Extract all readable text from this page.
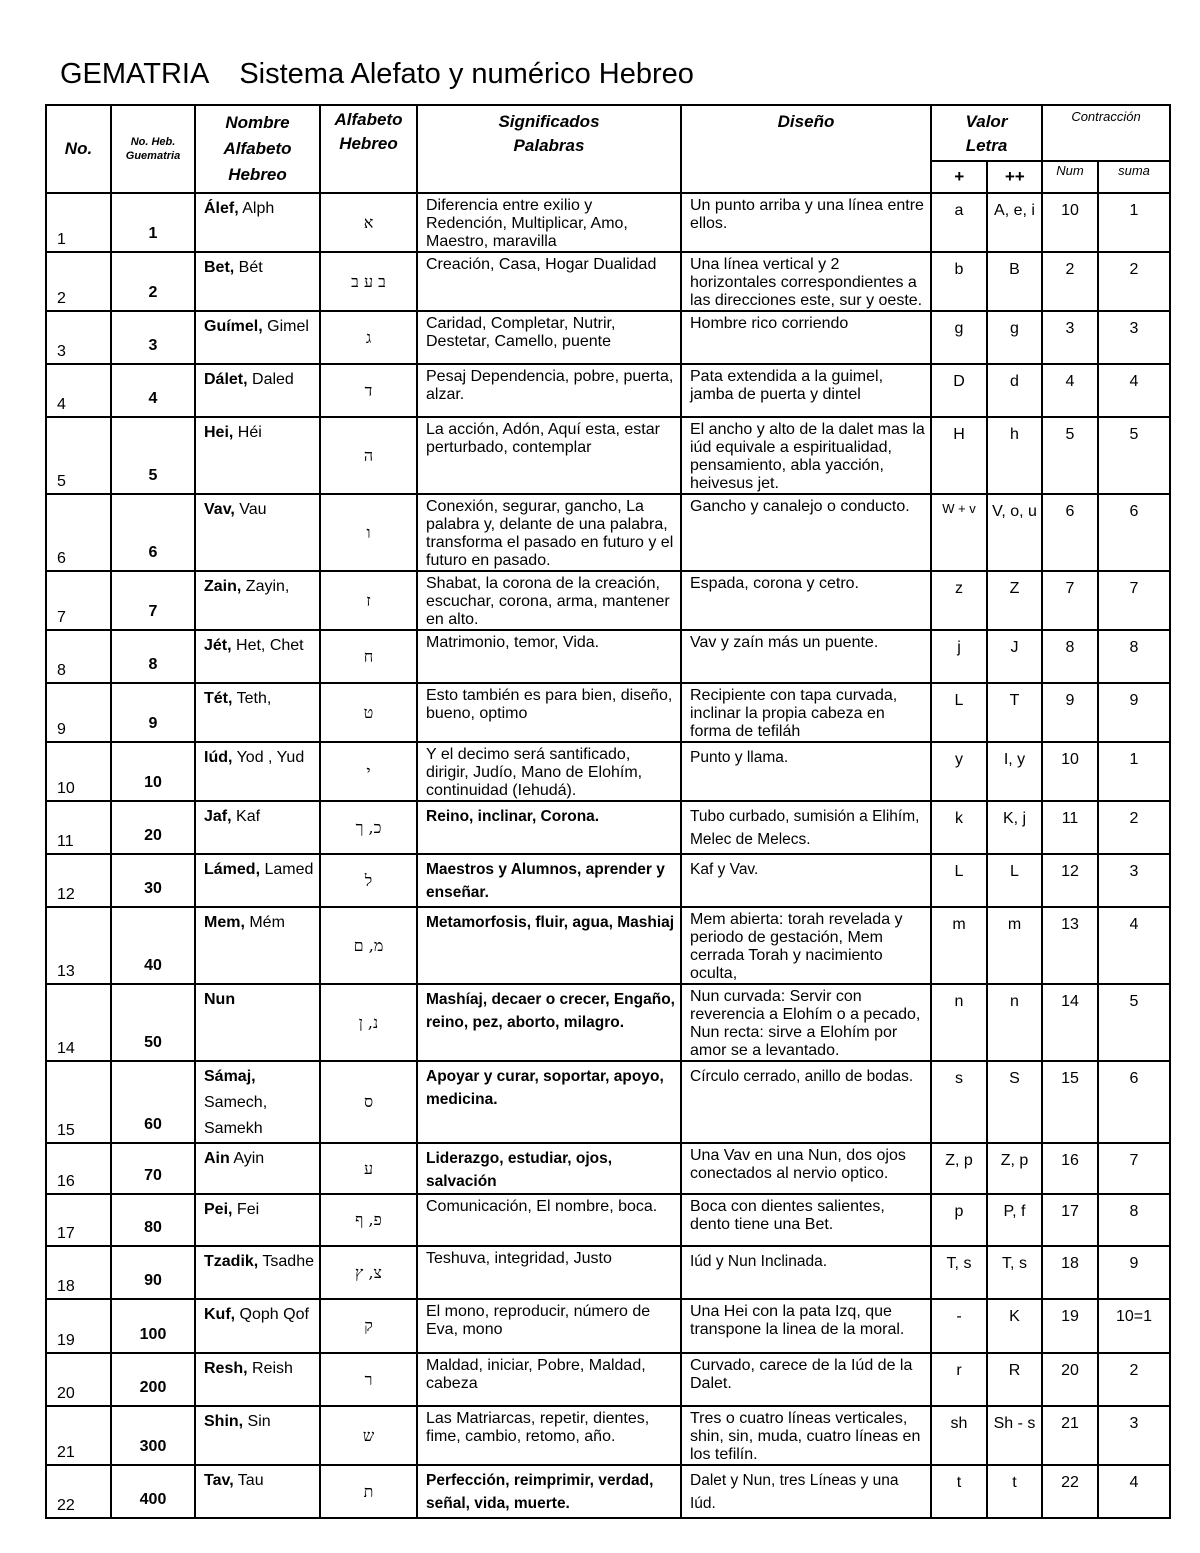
GEMATRIA Sistema Alefato y numérico Hebreo
No.	No. Heb. Guematria	Nombre Alfabeto Hebreo	Alfabeto Hebreo	Significados Palabras	Diseño	Valor Letra		Contracción	
						+	++	Num	suma
1	1	Álef, Alph	א	Diferencia entre exilio y Redención, Multiplicar, Amo, Maestro, maravilla	Un punto arriba y una línea entre ellos.	a	A, e, i	10	1
2	2	Bet, Bét	ב ע ב	Creación, Casa, Hogar Dualidad	Una línea vertical y 2 horizontales correspondientes a las direcciones este, sur y oeste.	b	B	2	2
3	3	Guímel, Gimel	ג	Caridad, Completar, Nutrir, Destetar, Camello, puente	Hombre rico corriendo	g	g	3	3
4	4	Dálet, Daled	ד	Pesaj Dependencia, pobre, puerta, alzar.	Pata extendida a la guimel, jamba de puerta y dintel	D	d	4	4
5	5	Hei, Héi	ה	La acción, Adón, Aquí esta, estar perturbado, contemplar	El ancho y alto de la dalet mas la iúd equivale a espiritualidad, pensamiento, abla yacción, heivesus jet.	H	h	5	5
6	6	Vav, Vau	ו	Conexión, segurar, gancho, La palabra y, delante de una palabra, transforma el pasado en futuro y el futuro en pasado.	Gancho y canalejo o conducto.	W + v	V, o, u	6	6
7	7	Zain, Zayin,	ז	Shabat, la corona de la creación, escuchar, corona, arma, mantener en alto.	Espada, corona y cetro.	z	Z	7	7
8	8	Jét, Het, Chet	ח	Matrimonio, temor, Vida.	Vav y zaín más un puente.	j	J	8	8
9	9	Tét, Teth,	ט	Esto también es para bien, diseño, bueno, optimo	Recipiente con tapa curvada, inclinar la propia cabeza en forma de tefiláh	L	T	9	9
10	10	Iúd, Yod , Yud	י	Y el decimo será santificado, dirigir, Judío, Mano de Elohím, continuidad (Iehudá).	Punto y llama.	y	I, y	10	1
11	20	Jaf, Kaf	כ, ך	Reino, inclinar, Corona.	Tubo curbado, sumisión a Elihím, Melec de Melecs.	k	K, j	11	2
12	30	Lámed, Lamed	ל	Maestros y Alumnos, aprender y enseñar.	Kaf y Vav.	L	L	12	3
13	40	Mem, Mém	מ, ם	Metamorfosis, fluir, agua, Mashiaj	Mem abierta: torah revelada y periodo de gestación, Mem cerrada Torah y nacimiento oculta,	m	m	13	4
14	50	Nun	נ, ן	Mashíaj, decaer o crecer, Engaño, reino, pez, aborto, milagro.	Nun curvada: Servir con reverencia a Elohím o a pecado, Nun recta: sirve a Elohím por amor se a levantado.	n	n	14	5
15	60	Sámaj, Samech, Samekh	ס	Apoyar y curar, soportar, apoyo, medicina.	Círculo cerrado, anillo de bodas.	s	S	15	6
16	70	Ain Ayin	ע	Liderazgo, estudiar, ojos, salvación	Una Vav en una Nun, dos ojos conectados al nervio optico.	Z, p	Z, p	16	7
17	80	Pei, Fei	פ, ף	Comunicación, El nombre, boca.	Boca con dientes salientes, dento tiene una Bet.	p	P, f	17	8
18	90	Tzadik, Tsadhe	צ, ץ	Teshuva, integridad, Justo	Iúd y Nun Inclinada.	T, s	T, s	18	9
19	100	Kuf, Qoph Qof	ק	El mono, reproducir, número de Eva, mono	Una Hei con la pata Izq, que transpone la linea de la moral.	-	K	19	10=1
20	200	Resh, Reish	ר	Maldad, iniciar, Pobre, Maldad, cabeza	Curvado, carece de la Iúd de la Dalet.	r	R	20	2
21	300	Shin, Sin	ש	Las Matriarcas, repetir, dientes, fime, cambio, retomo, año.	Tres o cuatro líneas verticales, shin, sin, muda, cuatro líneas en los tefilín.	sh	Sh - s	21	3
22	400	Tav, Tau	ת	Perfección, reimprimir, verdad, señal, vida, muerte.	Dalet y Nun, tres Líneas y una Iúd.	t	t	22	4
